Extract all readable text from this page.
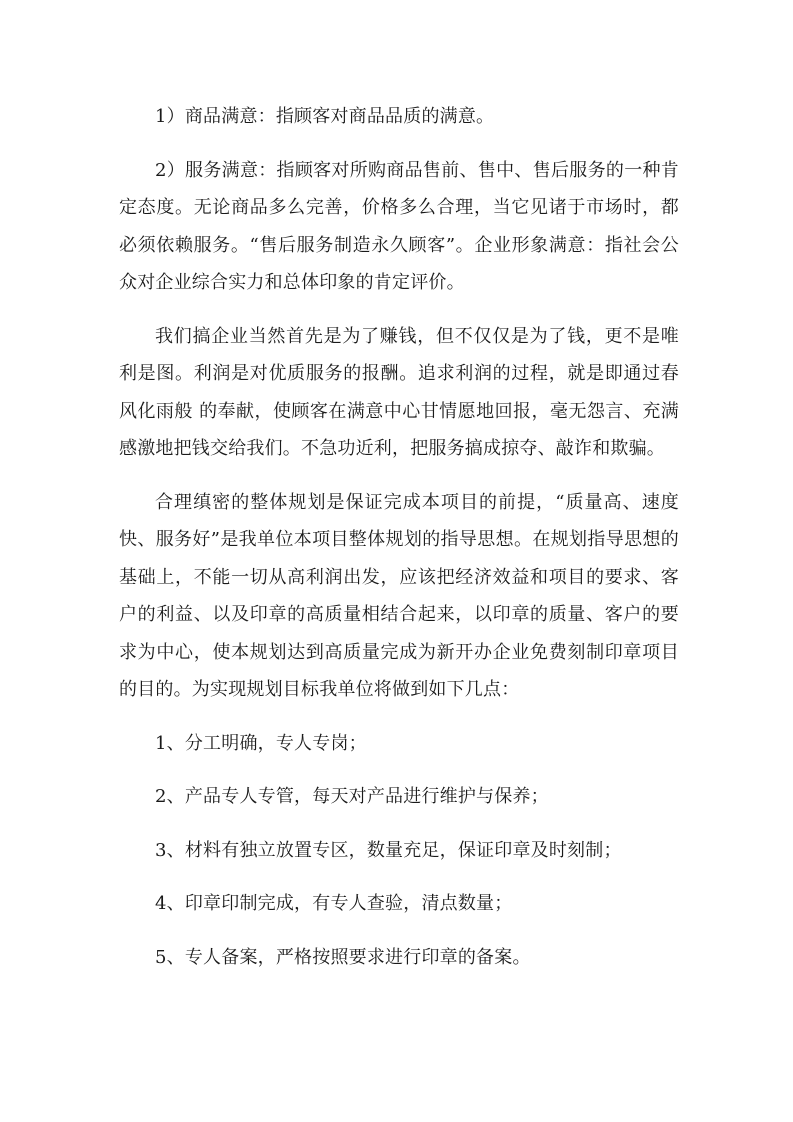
1）商品满意：指顾客对商品品质的满意。

2）服务满意：指顾客对所购商品售前、售中、售后服务的一种肯定态度。无论商品多么完善，价格多么合理，当它见诸于市场时，都必须依赖服务。“售后服务制造永久顾客”。企业形象满意：指社会公众对企业综合实力和总体印象的肯定评价。

我们搞企业当然首先是为了赚钱，但不仅仅是为了钱，更不是唯利是图。利润是对优质服务的报酬。追求利润的过程，就是即通过春风化雨般 的奉献，使顾客在满意中心甘情愿地回报，毫无怨言、充满感激地把钱交给我们。不急功近利，把服务搞成掠夺、敲诈和欺骗。

合理缜密的整体规划是保证完成本项目的前提，“质量高、速度快、服务好”是我单位本项目整体规划的指导思想。在规划指导思想的基础上，不能一切从高利润出发，应该把经济效益和项目的要求、客户的利益、以及印章的高质量相结合起来，以印章的质量、客户的要求为中心，使本规划达到高质量完成为新开办企业免费刻制印章项目的目的。为实现规划目标我单位将做到如下几点：

1、分工明确，专人专岗；

2、产品专人专管，每天对产品进行维护与保养；

3、材料有独立放置专区，数量充足，保证印章及时刻制；

4、印章印制完成，有专人查验，清点数量；

5、专人备案，严格按照要求进行印章的备案。
